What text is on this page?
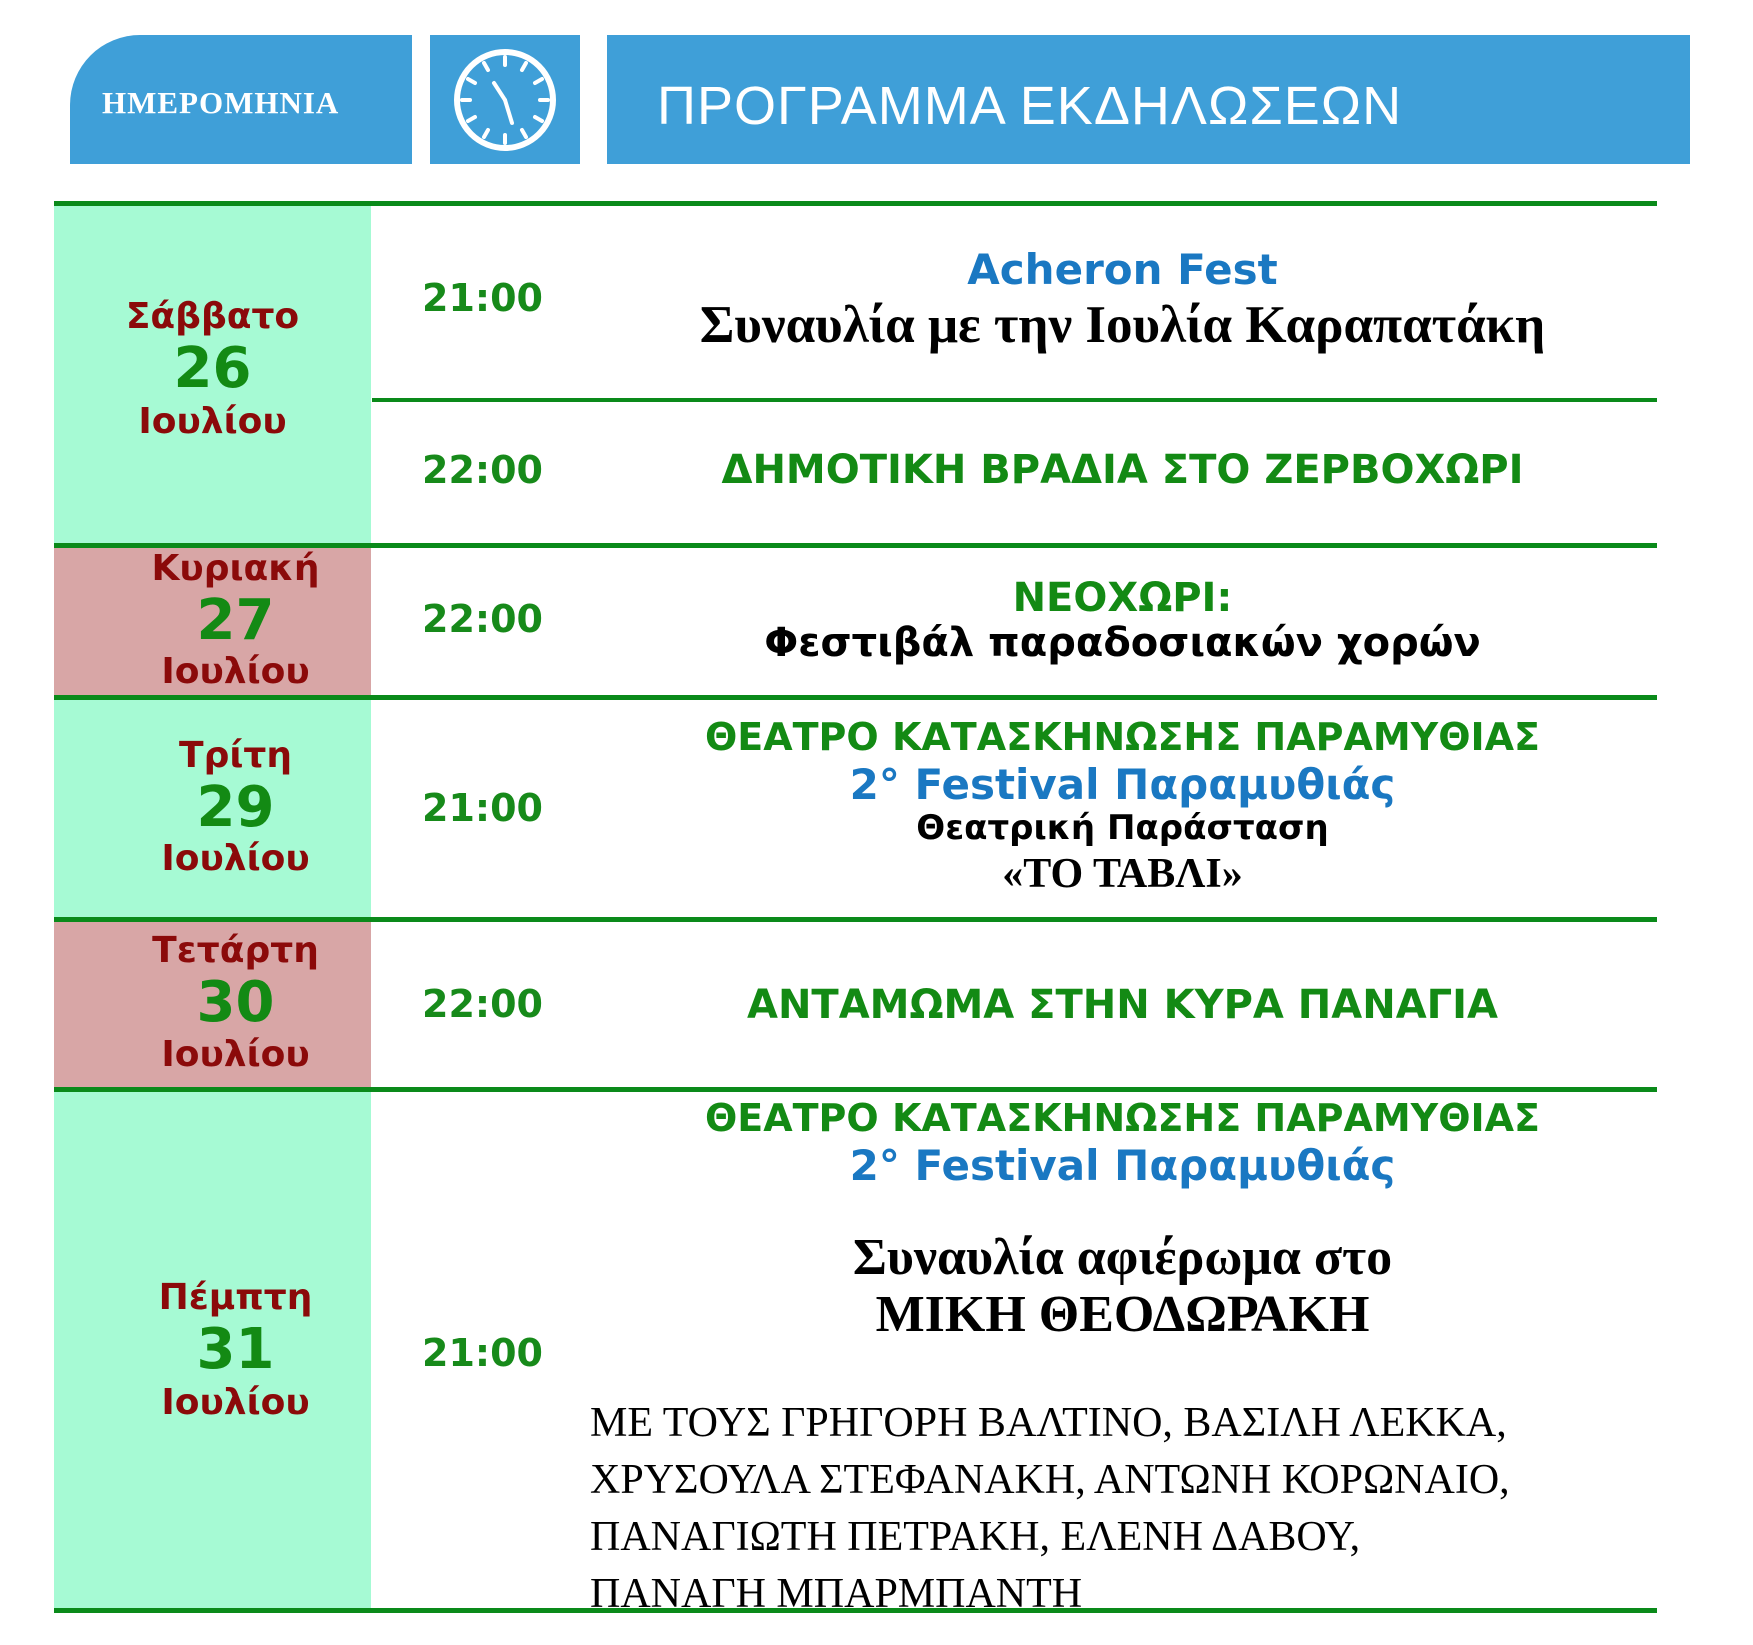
ΗΜΕΡΟΜΗΝΙΑ	ΠΡΟΓΡΑΜΜΑ ΕΚΔΗΛΩΣΕΩΝ
Σάββατο
26
Ιουλίου
Κυριακή
27
Ιουλίου
Τρίτη
29
Ιουλίου
Τετάρτη
30
Ιουλίου
Πέμπτη
31
Ιουλίου
21:00
22:00
22:00
21:00
22:00
21:00
Acheron Fest
Συναυλία με την Ιουλία Καραπατάκη
ΔΗΜΟΤΙΚΗ ΒΡΑΔΙΑ ΣΤΟ ΖΕΡΒΟΧΩΡΙ
ΝΕΟΧΩΡΙ:
Φεστιβάλ παραδοσιακών χορών
ΘΕΑΤΡΟ ΚΑΤΑΣΚΗΝΩΣΗΣ ΠΑΡΑΜΥΘΙΑΣ
2° Festival Παραμυθιάς
Θεατρική Παράσταση
«ΤΟ ΤΑΒΛΙ»
ΑΝΤΑΜΩΜΑ ΣΤΗΝ ΚΥΡΑ ΠΑΝΑΓΙΑ
ΘΕΑΤΡΟ ΚΑΤΑΣΚΗΝΩΣΗΣ ΠΑΡΑΜΥΘΙΑΣ
2° Festival Παραμυθιάς
Συναυλία αφιέρωμα στο
ΜΙΚΗ ΘΕΟΔΩΡΑΚΗ
ΜΕ ΤΟΥΣ ΓΡΗΓΟΡΗ ΒΑΛΤΙΝΟ, ΒΑΣΙΛΗ ΛΕΚΚΑ,
ΧΡΥΣΟΥΛΑ ΣΤΕΦΑΝΑΚΗ, ΑΝΤΩΝΗ ΚΟΡΩΝΑΙΟ,
ΠΑΝΑΓΙΩΤΗ ΠΕΤΡΑΚΗ, ΕΛΕΝΗ ΔΑΒΟΥ,
ΠΑΝΑΓΗ ΜΠΑΡΜΠΑΝΤΗ
